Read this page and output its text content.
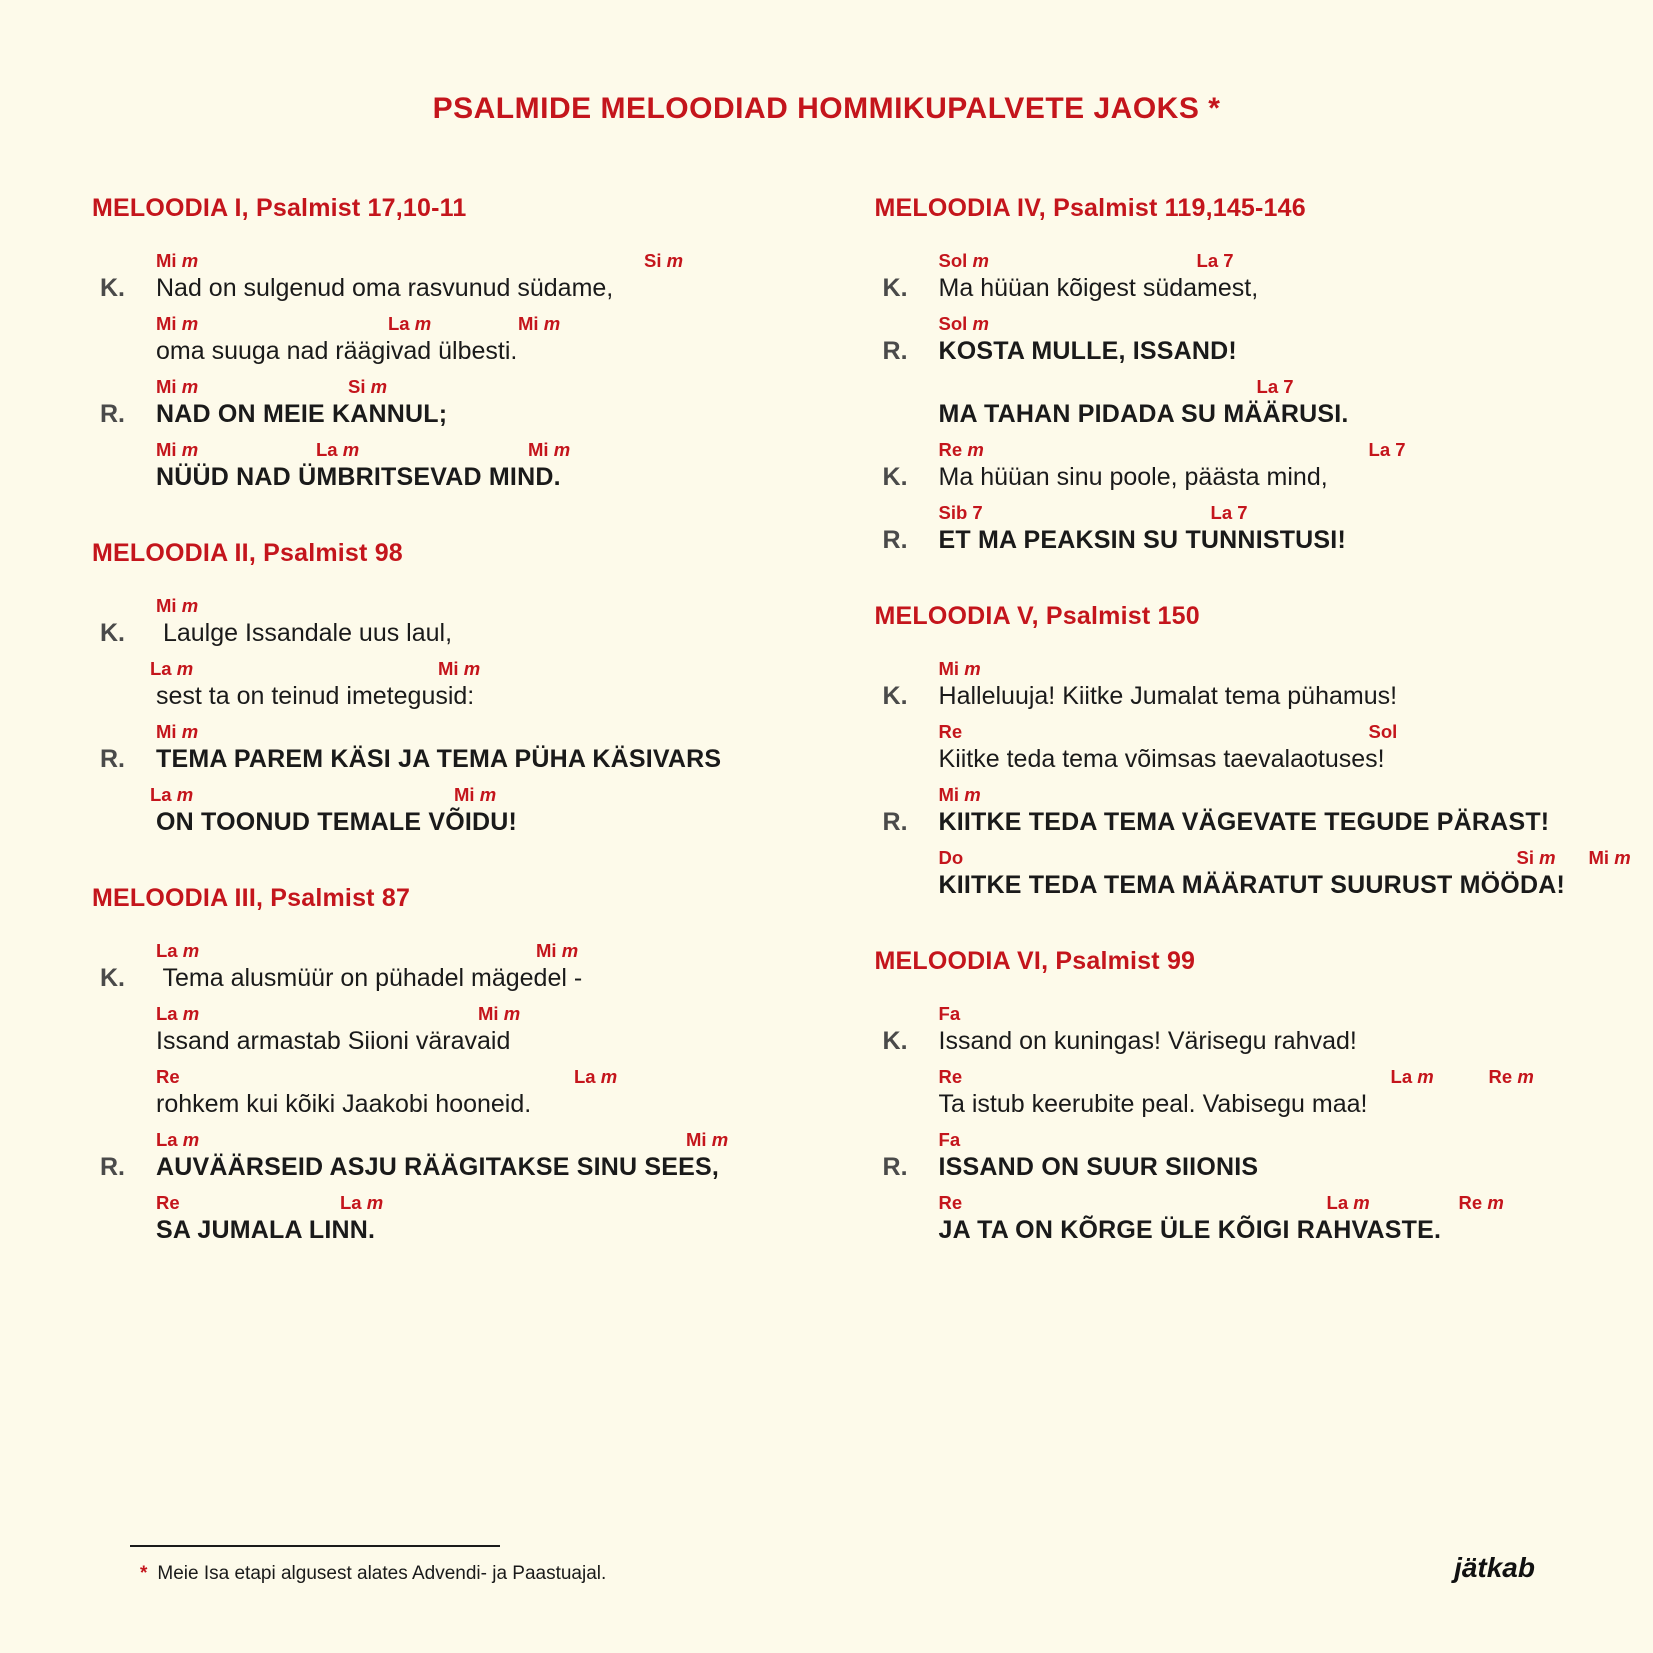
PSALMIDE MELOODIAD HOMMIKUPALVETE JAOKS *
MELOODIA I, Psalmist 17,10-11
Mi m	Si m
K. Nad on sulgenud oma rasvunud südame,
Mi m	La m	Mi m
oma suuga nad räägivad ülbesti.
Mi m	Si m
R. NAD ON MEIE KANNUL;
Mi m	La m	Mi m
NÜÜD NAD ÜMBRITSEVAD MIND.
MELOODIA II, Psalmist 98
Mi m
K. Laulge Issandale uus laul,
La m	Mi m
sest ta on teinud imetegusid:
Mi m
R. TEMA PAREM KÄSI JA TEMA PÜHA KÄSIVARS
La m	Mi m
ON TOONUD TEMALE VÕIDU!
MELOODIA III, Psalmist 87
La m	Mi m
K. Tema alusmüür on pühadel mägedel -
La m	Mi m
Issand armastab Siioni väravaid
Re	La m
rohkem kui kõiki Jaakobi hooneid.
La m	Mi m
R. AUVÄÄRSEID ASJU RÄÄGITAKSE SINU SEES,
Re	La m
SA JUMALA LINN.
MELOODIA IV, Psalmist 119,145-146
Sol m	La 7
K. Ma hüüan kõigest südamest,
Sol m
R. KOSTA MULLE, ISSAND!
La 7
MA TAHAN PIDADA SU MÄÄRUSI.
Re m	La 7
K. Ma hüüan sinu poole, päästa mind,
Sib 7	La 7
R. ET MA PEAKSIN SU TUNNISTUSI!
MELOODIA V, Psalmist 150
Mi m
K. Halleluuja! Kiitke Jumalat tema pühamus!
Re	Sol
Kiitke teda tema võimsas taevalaotuses!
Mi m
R. KIITKE TEDA TEMA VÄGEVATE TEGUDE PÄRAST!
Do	Si m Mi m
KIITKE TEDA TEMA MÄÄRATUT SUURUST MÖÖDA!
MELOODIA VI, Psalmist 99
Fa
K. Issand on kuningas! Värisegu rahvad!
Re	La m	Re m
Ta istub keerubite peal. Vabisegu maa!
Fa
R. ISSAND ON SUUR SIIONIS
Re	La m	Re m
JA TA ON KÕRGE ÜLE KÕIGI RAHVASTE.
* Meie Isa etapi algusest alates Advendi- ja Paastuajal.	jätkab
